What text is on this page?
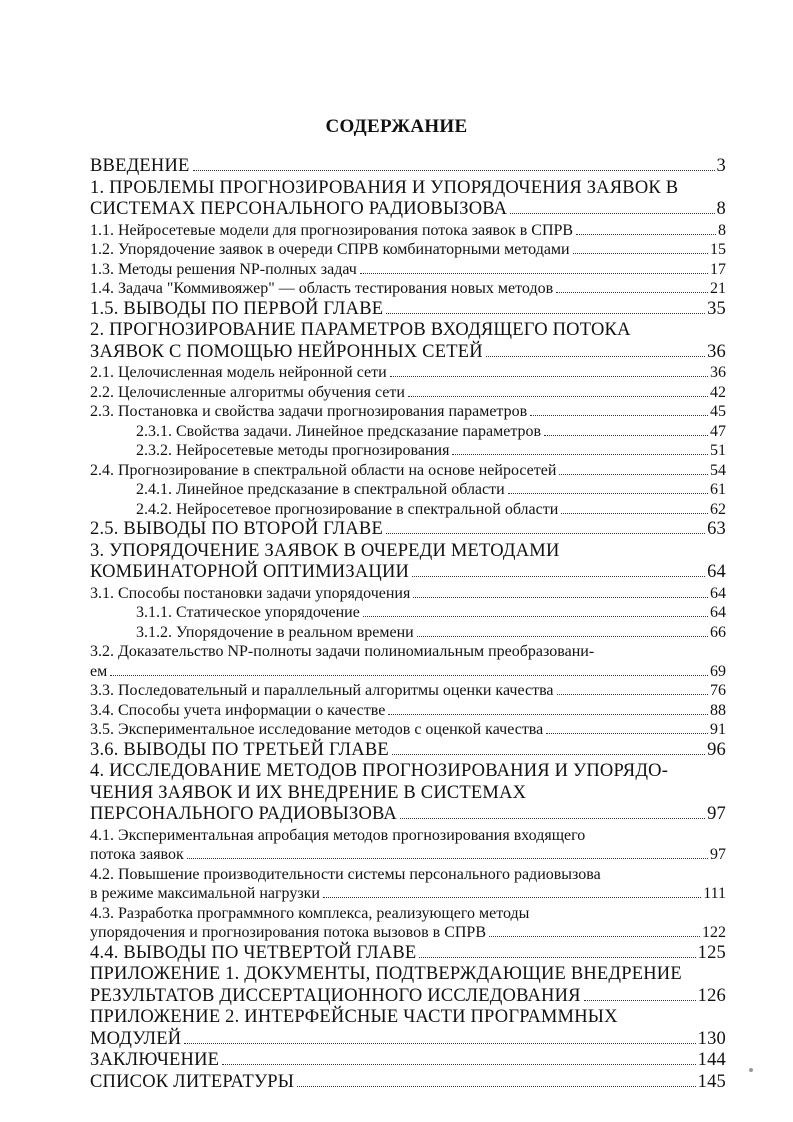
СОДЕРЖАНИЕ
ВВЕДЕНИЕ	3
1. ПРОБЛЕМЫ ПРОГНОЗИРОВАНИЯ И УПОРЯДОЧЕНИЯ ЗАЯВОК В
СИСТЕМАХ ПЕРСОНАЛЬНОГО РАДИОВЫЗОВА	8
1.1. Нейросетевые модели для прогнозирования потока заявок в СПРВ	8
1.2. Упорядочение заявок в очереди СПРВ комбинаторными методами	15
1.3. Методы решения NP-полных задач	17
1.4. Задача "Коммивояжер" — область тестирования новых методов	21
1.5. ВЫВОДЫ ПО ПЕРВОЙ ГЛАВЕ	35
2. ПРОГНОЗИРОВАНИЕ ПАРАМЕТРОВ ВХОДЯЩЕГО ПОТОКА
ЗАЯВОК С ПОМОЩЬЮ НЕЙРОННЫХ СЕТЕЙ	36
2.1. Целочисленная модель нейронной сети	36
2.2. Целочисленные алгоритмы обучения сети	42
2.3. Постановка и свойства задачи прогнозирования параметров	45
2.3.1. Свойства задачи. Линейное предсказание параметров	47
2.3.2. Нейросетевые методы прогнозирования	51
2.4. Прогнозирование в спектральной области на основе нейросетей	54
2.4.1. Линейное предсказание в спектральной области	61
2.4.2. Нейросетевое прогнозирование в спектральной области	62
2.5. ВЫВОДЫ ПО ВТОРОЙ ГЛАВЕ	63
3. УПОРЯДОЧЕНИЕ ЗАЯВОК В ОЧЕРЕДИ МЕТОДАМИ
КОМБИНАТОРНОЙ ОПТИМИЗАЦИИ	64
3.1. Способы постановки задачи упорядочения	64
3.1.1. Статическое упорядочение	64
3.1.2. Упорядочение в реальном времени	66
3.2. Доказательство NP-полноты задачи полиномиальным преобразовани-
ем	69
3.3. Последовательный и параллельный алгоритмы оценки качества	76
3.4. Способы учета информации о качестве	88
3.5. Экспериментальное исследование методов с оценкой качества	91
3.6. ВЫВОДЫ ПО ТРЕТЬЕЙ ГЛАВЕ	96
4. ИССЛЕДОВАНИЕ МЕТОДОВ ПРОГНОЗИРОВАНИЯ И УПОРЯДО-
ЧЕНИЯ ЗАЯВОК И ИХ ВНЕДРЕНИЕ В СИСТЕМАХ
ПЕРСОНАЛЬНОГО РАДИОВЫЗОВА	97
4.1. Экспериментальная апробация методов прогнозирования входящего
потока заявок	97
4.2. Повышение производительности системы персонального радиовызова
в режиме максимальной нагрузки	111
4.3. Разработка программного комплекса, реализующего методы
упорядочения и прогнозирования потока вызовов в СПРВ	122
4.4. ВЫВОДЫ ПО ЧЕТВЕРТОЙ ГЛАВЕ	125
ПРИЛОЖЕНИЕ 1. ДОКУМЕНТЫ, ПОДТВЕРЖДАЮЩИЕ ВНЕДРЕНИЕ
РЕЗУЛЬТАТОВ ДИССЕРТАЦИОННОГО ИССЛЕДОВАНИЯ	126
ПРИЛОЖЕНИЕ 2. ИНТЕРФЕЙСНЫЕ ЧАСТИ ПРОГРАММНЫХ
МОДУЛЕЙ	130
ЗАКЛЮЧЕНИЕ	144
СПИСОК ЛИТЕРАТУРЫ	145
